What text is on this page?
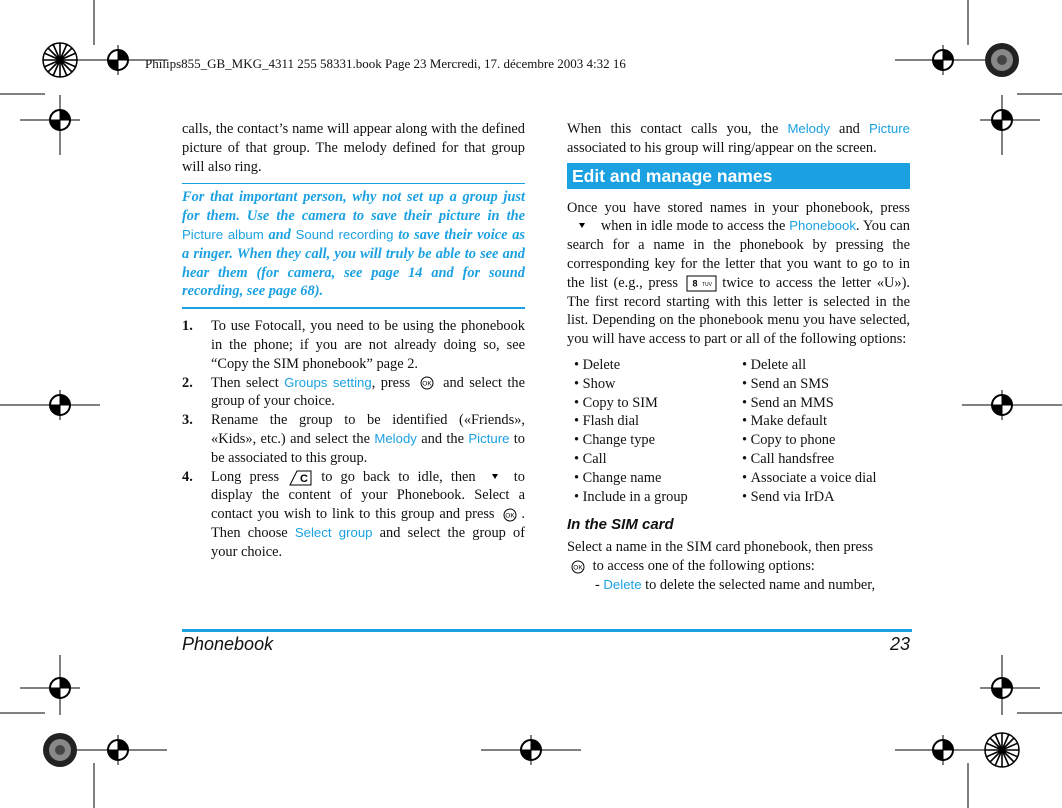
Philips855_GB_MKG_4311 255 58331.book Page 23 Mercredi, 17. décembre 2003 4:32 16
calls, the contact’s name will appear along with the defined picture of that group. The melody defined for that group will also ring.
For that important person, why not set up a group just for them. Use the camera to save their picture in the Picture album and Sound recording to save their voice as a ringer. When they call, you will truly be able to see and hear them (for camera, see page 14 and for sound recording, see page 68).
1. To use Fotocall, you need to be using the phonebook in the phone; if you are not already doing so, see “Copy the SIM phonebook” page 2.
2. Then select Groups setting, press OK and select the group of your choice.
3. Rename the group to be identified («Friends», «Kids», etc.) and select the Melody and the Picture to be associated to this group.
4. Long press C to go back to idle, then  to display the content of your Phonebook. Select a contact you wish to link to this group and press OK . Then choose Select group and select the group of your choice.
When this contact calls you, the Melody and Picture associated to his group will ring/appear on the screen.
Edit and manage names
Once you have stored names in your phonebook, press  when in idle mode to access the Phonebook. You can search for a name in the phonebook by pressing the corresponding key for the letter that you want to go to in the list (e.g., press 8 TUV twice to access the letter «U»). The first record starting with this letter is selected in the list. Depending on the phonebook menu you have selected, you will have access to part or all of the following options:
• Delete	• Delete all
• Show	• Send an SMS
• Copy to SIM	• Send an MMS
• Flash dial	• Make default
• Change type	• Copy to phone
• Call	• Call handsfree
• Change name	• Associate a voice dial
• Include in a group	• Send via IrDA
In the SIM card
Select a name in the SIM card phonebook, then press

OK to access one of the following options:
- Delete to delete the selected name and number,
Phonebook	23
